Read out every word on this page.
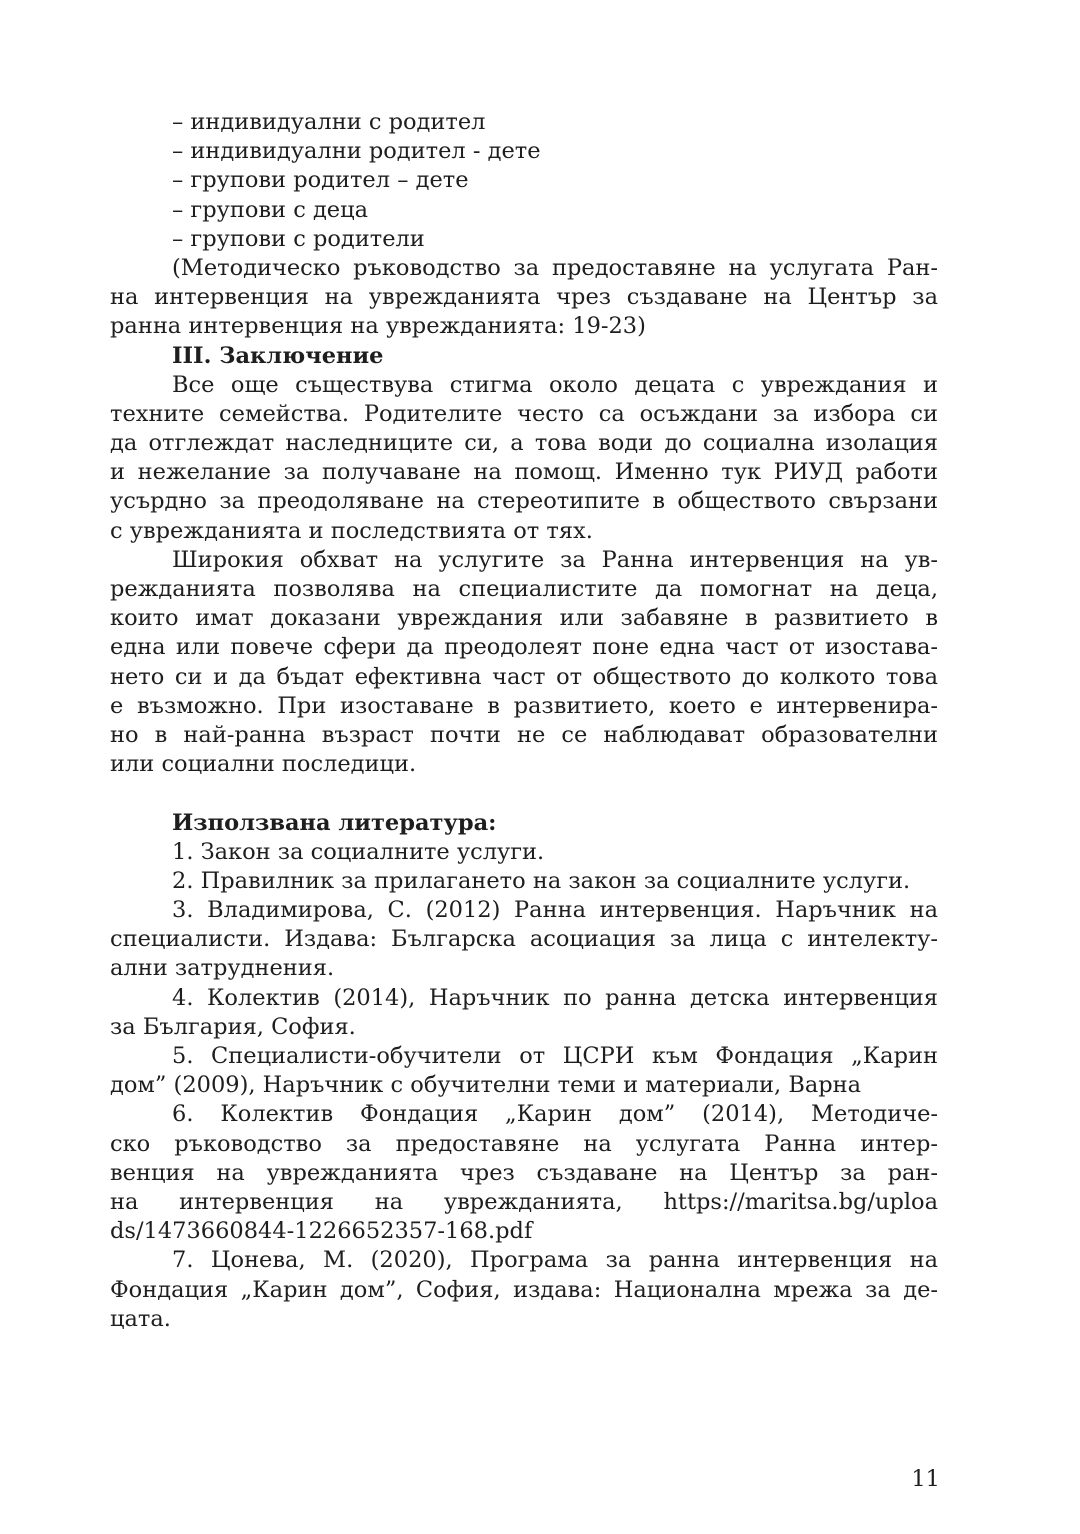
– индивидуални с родител
– индивидуални родител - дете
– групови родител – дете
– групови с деца
– групови с родители
(Методическо ръководство за предоставяне на услугата Ран-
на интервенция на уврежданията чрез създаване на Център за
ранна интервенция на уврежданията: 19-23)
III. Заключение
Все още съществува стигма около децата с увреждания и
техните семейства. Родителите често са осъждани за избора си
да отглеждат наследниците си, а това води до социална изолация
и нежелание за получаване на помощ. Именно тук РИУД работи
усърдно за преодоляване на стереотипите в обществото свързани
с уврежданията и последствията от тях.
Широкия обхват на услугите за Ранна интервенция на ув-
режданията позволява на специалистите да помогнат на деца,
които имат доказани увреждания или забавяне в развитието в
една или повече сфери да преодолеят поне една част от изостава-
нето си и да бъдат ефективна част от обществото до колкото това
е възможно. При изоставане в развитието, което е интервенира-
но в най-ранна възраст почти не се наблюдават образователни
или социални последици.
Използвана литература:
1. Закон за социалните услуги.
2. Правилник за прилагането на закон за социалните услуги.
3. Владимирова, С. (2012) Ранна интервенция. Наръчник на
специалисти. Издава: Българска асоциация за лица с интелекту-
ални затруднения.
4. Колектив (2014), Наръчник по ранна детска интервенция
за България, София.
5. Специалисти-обучители от ЦСРИ към Фондация „Карин
дом” (2009), Наръчник с обучителни теми и материали, Варна
6. Колектив Фондация „Карин дом” (2014), Методиче-
ско ръководство за предоставяне на услугата Ранна интер-
венция на уврежданията чрез създаване на Център за ран-
на интервенция на уврежданията, https://maritsa.bg/uploa
ds/1473660844-1226652357-168.pdf
7. Цонева, М. (2020), Програма за ранна интервенция на
Фондация „Карин дом”, София, издава: Национална мрежа за де-
цата.
11
